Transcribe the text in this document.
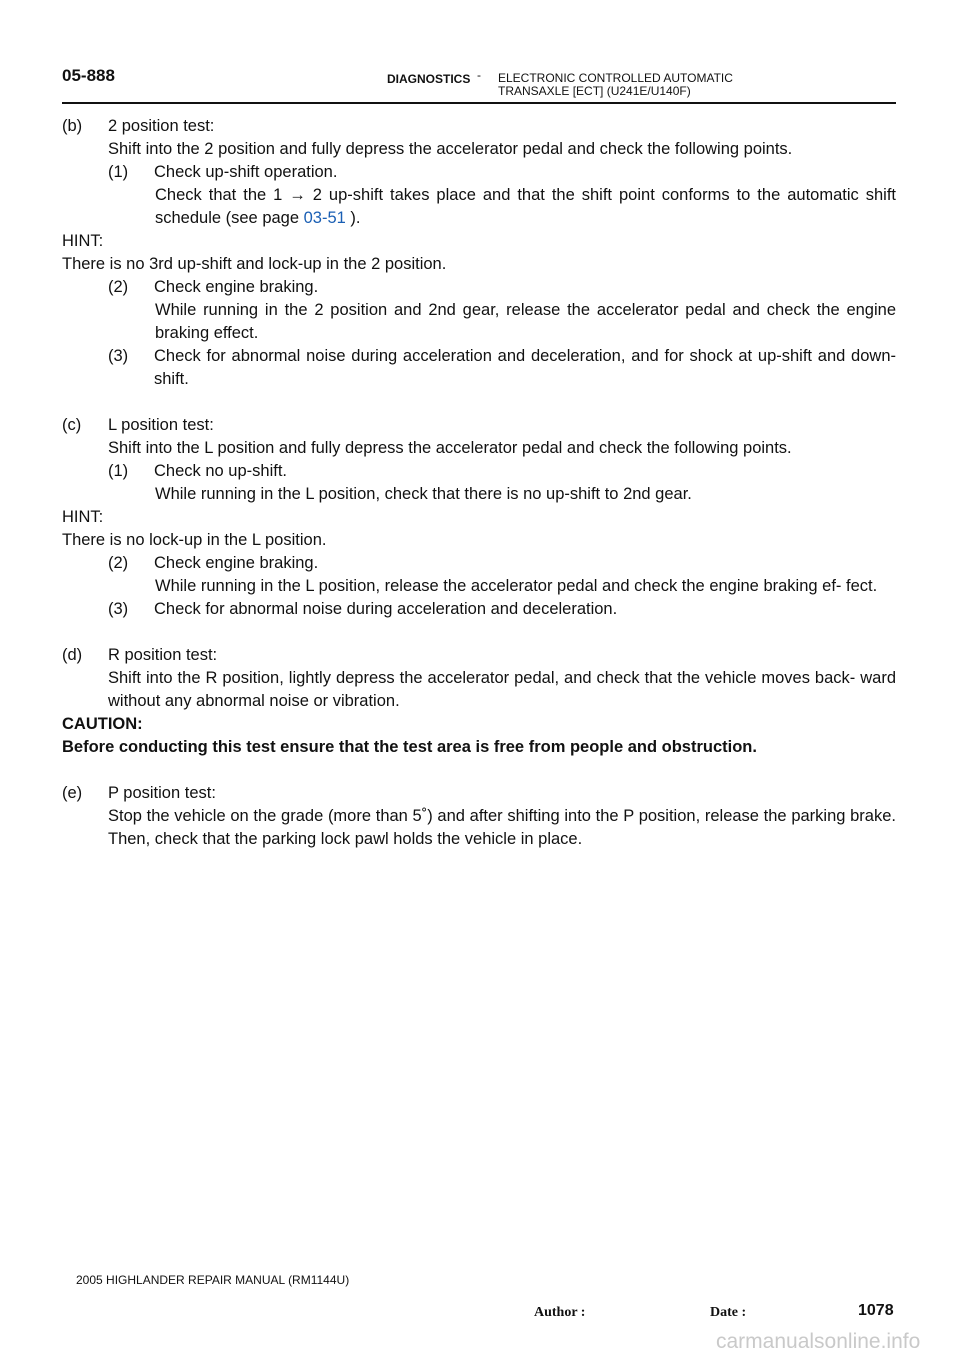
05-888	DIAGNOSTICS - ELECTRONIC CONTROLLED AUTOMATIC
TRANSAXLE [ECT] (U241E/U140F)
(b)	2 position test:
Shift into the 2 position and fully depress the accelerator pedal and check the following points.
(1)	Check up-shift operation.
Check that the 1 → 2 up-shift takes place and that the shift point conforms to the automatic shift schedule (see page 03-51 ).
HINT:
There is no 3rd up-shift and lock-up in the 2 position.
(2)	Check engine braking.
While running in the 2 position and 2nd gear, release the accelerator pedal and check the engine braking effect.
(3)	Check for abnormal noise during acceleration and deceleration, and for shock at up-shift and down-shift.
(c)	L position test:
Shift into the L position and fully depress the accelerator pedal and check the following points.
(1)	Check no up-shift.
While running in the L position, check that there is no up-shift to 2nd gear.
HINT:
There is no lock-up in the L position.
(2)	Check engine braking.
While running in the L position, release the accelerator pedal and check the engine braking ef- fect.
(3)	Check for abnormal noise during acceleration and deceleration.
(d)	R position test:
Shift into the R position, lightly depress the accelerator pedal, and check that the vehicle moves back- ward without any abnormal noise or vibration.
CAUTION:
Before conducting this test ensure that the test area is free from people and obstruction.
(e)	P position test:
Stop the vehicle on the grade (more than 5˚) and after shifting into the P position, release the parking brake. Then, check that the parking lock pawl holds the vehicle in place.
2005 HIGHLANDER REPAIR MANUAL (RM1144U)
Author :	Date :	1078
carmanualsonline.info
